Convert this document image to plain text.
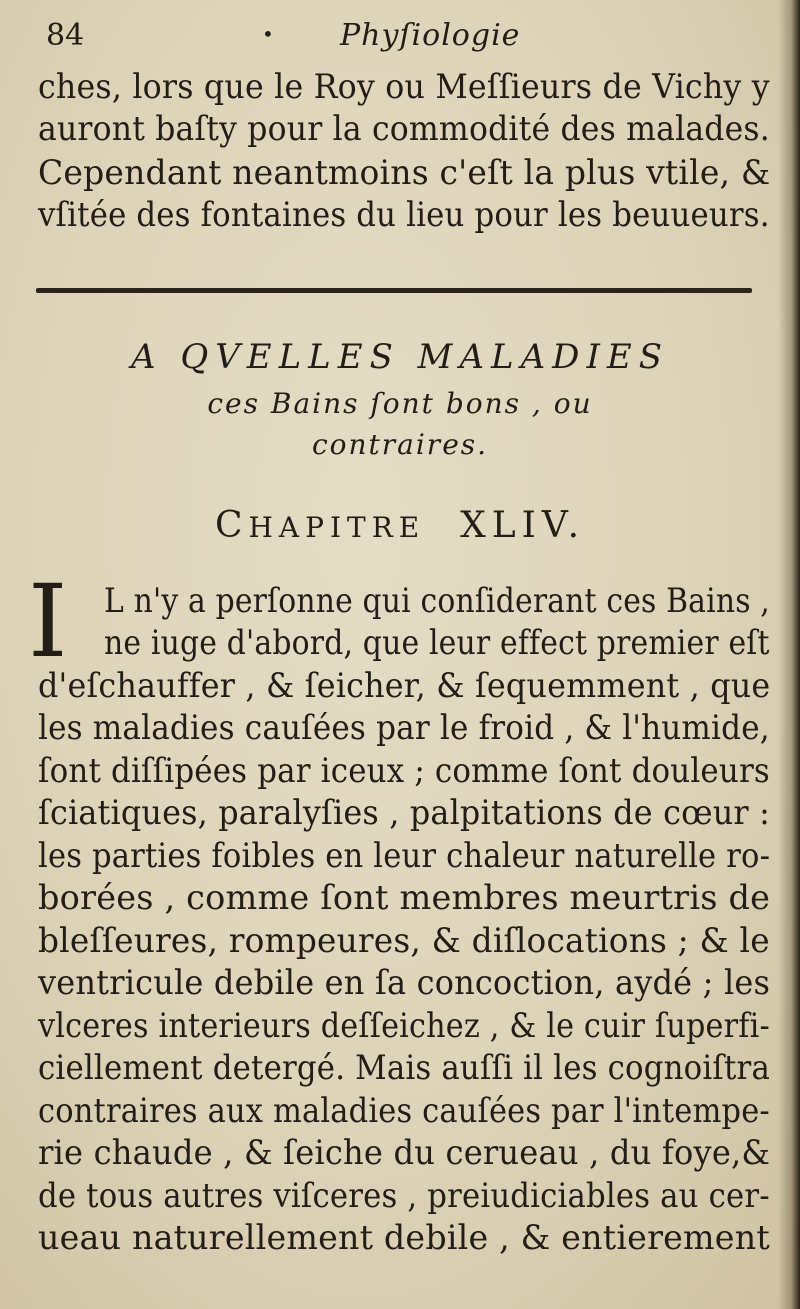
84	• Phyſiologie
ches, lors que le Roy ou Meſſieurs de Vichy y
auront baſty pour la commodité des malades.
Cependant neantmoins c'eſt la plus vtile, &
vſitée des fontaines du lieu pour les beuueurs.
A QVELLES MALADIES
ces Bains ſont bons , ou
contraires.
CHAPITRE XLIV.
I L n'y a perſonne qui conſiderant ces Bains ,
ne iuge d'abord, que leur effect premier eſt
d'eſchauffer , & ſeicher, & ſequemment , que
les maladies cauſées par le froid , & l'humide,
ſont diſſipées par iceux ; comme ſont douleurs
ſciatiques, paralyſies , palpitations de cœur :
les parties foibles en leur chaleur naturelle ro-
borées , comme ſont membres meurtris de
bleſſeures, rompeures, & diſlocations ; & le
ventricule debile en ſa concoction, aydé ; les
vlceres interieurs deſſeichez , & le cuir ſuperfi-
ciellement detergé. Mais auſſi il les cognoiſtra
contraires aux maladies cauſées par l'intempe-
rie chaude , & ſeiche du cerueau , du foye,&
de tous autres viſceres , preiudiciables au cer-
ueau naturellement debile , & entierement
